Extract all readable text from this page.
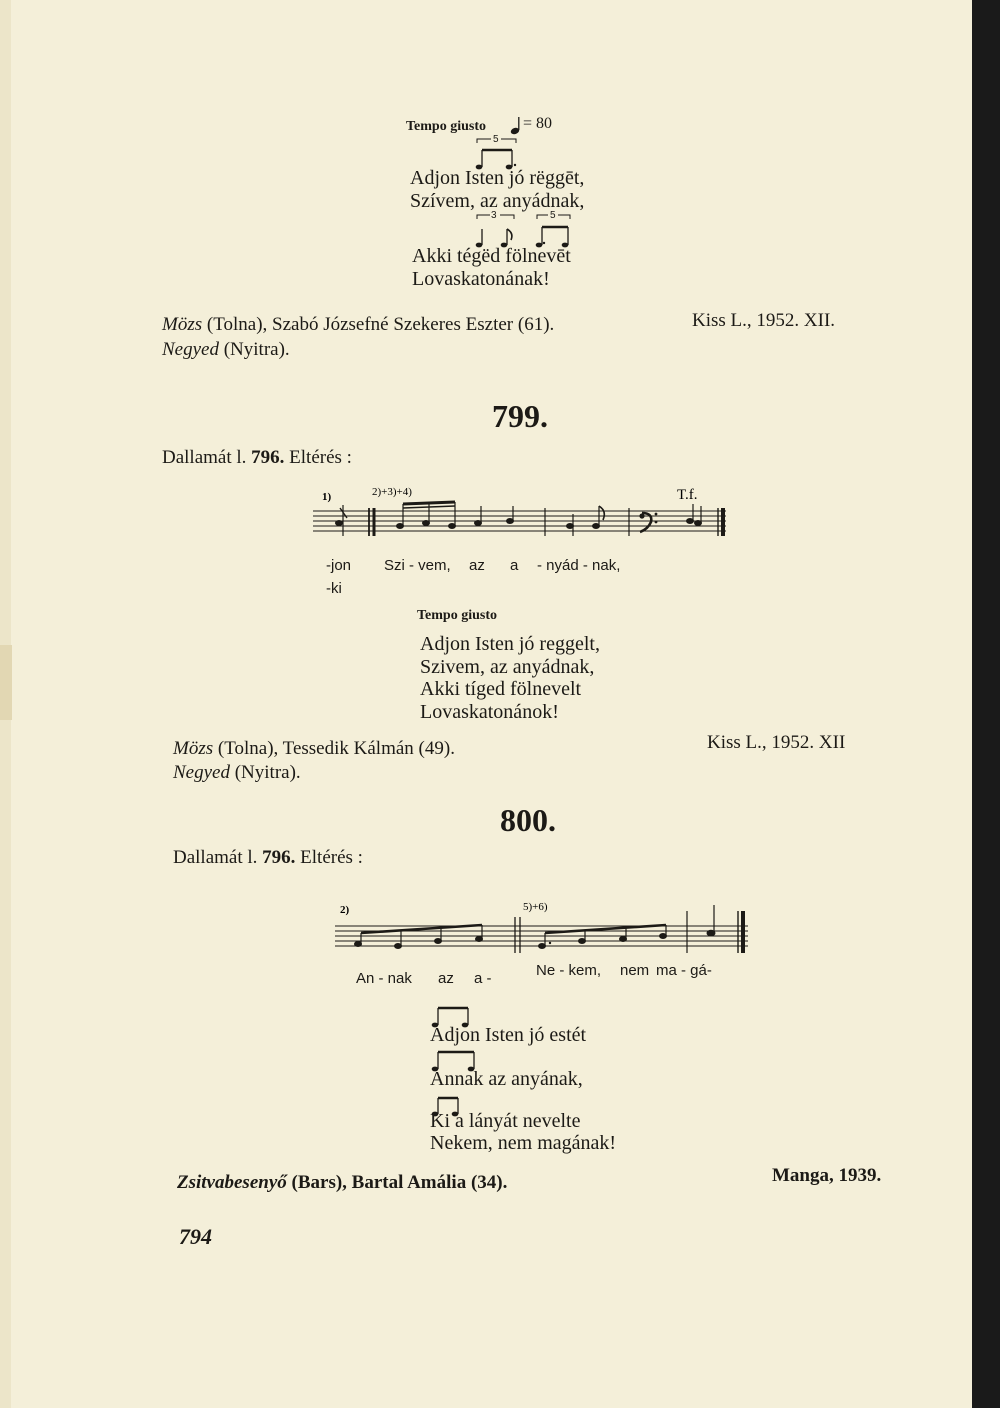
Tempo giusto = 80
5
Adjon Isten jó rëggēt,
Szívem, az anyádnak,
3	5
Akki tégëd fölnevēt
Lovaskatonának!
Mözs (Tolna), Szabó Józsefné Szekeres Eszter (61).	Kiss L., 1952. XII.
Negyed (Nyitra).
799.
Dallamát l. 796. Eltérés :
1)	2)+3)+4)	T.f.
-jon
-ki
Szi - vem, az a - nyád - nak,
Tempo giusto
Adjon Isten jó reggelt,
Szivem, az anyádnak,
Akki tíged fölnevelt
Lovaskatonánok!
Mözs (Tolna), Tessedik Kálmán (49).	Kiss L., 1952. XII
Negyed (Nyitra).
800.
Dallamát l. 796. Eltérés :
2)	5)+6)
An - nak az a -	Ne - kem, nem ma - gá-
Adjon Isten jó estét
Annak az anyának,
Ki a lányát nevelte
Nekem, nem magának!
Zsitvabesenyő (Bars), Bartal Amália (34).	Manga, 1939.
794
